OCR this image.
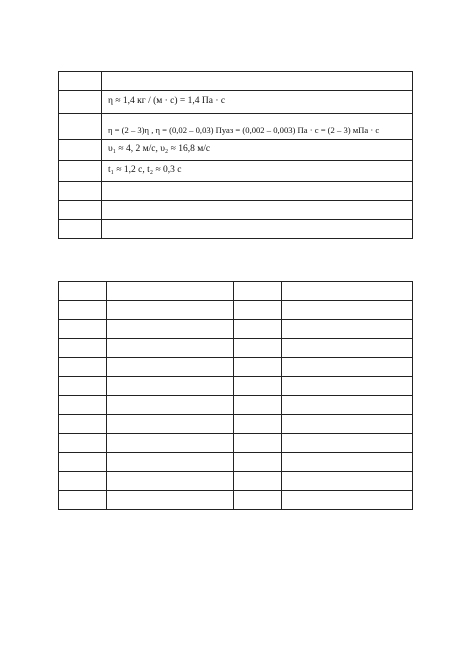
	η ≈ 1,4 кг / (м · с) = 1,4 Па · с
	η = (2 – 3)η , η = (0,02 – 0,03) Пуаз = (0,002 – 0,003) Па · с = (2 – 3) мПа · с
	υ₁ ≈ 4, 2 м/с, υ₂ ≈ 16,8 м/с
	t₁ ≈ 1,2 с, t₂ ≈ 0,3 с
